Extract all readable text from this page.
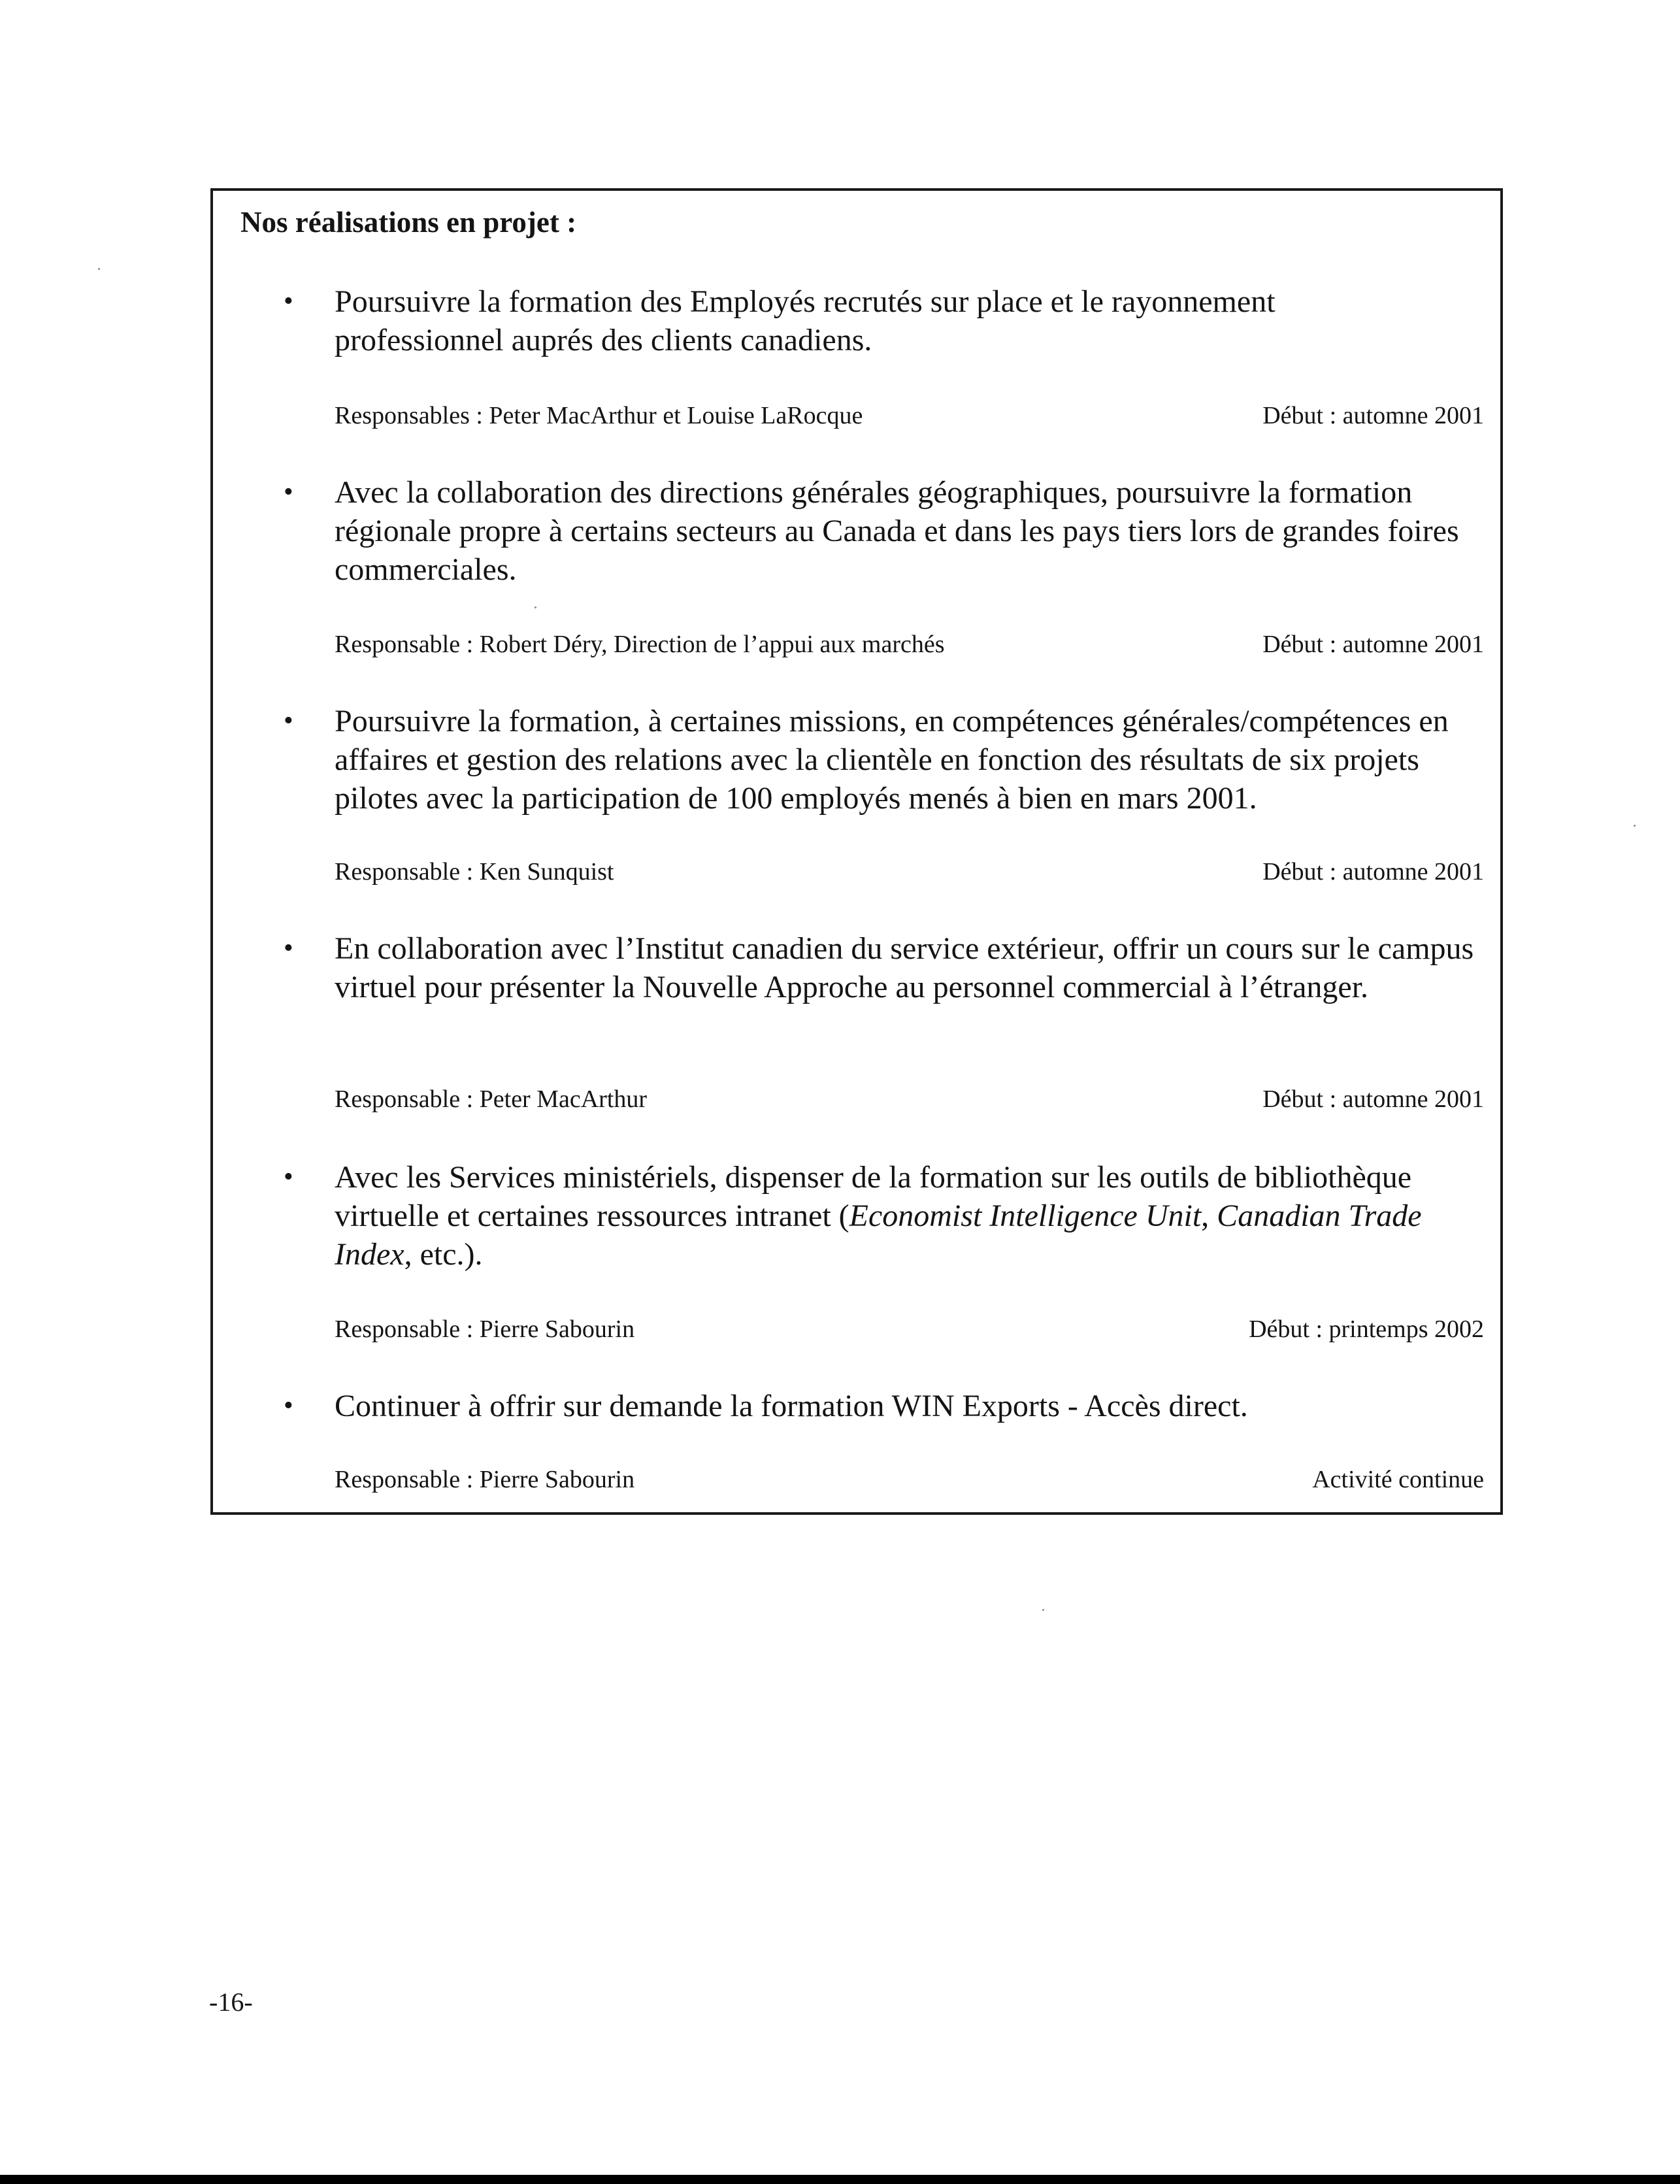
Nos réalisations en projet :
• Poursuivre la formation des Employés recrutés sur place et le rayonnement professionnel auprés des clients canadiens.

Responsables : Peter MacArthur et Louise LaRocque	Début : automne 2001
• Avec la collaboration des directions générales géographiques, poursuivre la formation régionale propre à certains secteurs au Canada et dans les pays tiers lors de grandes foires commerciales.

Responsable : Robert Déry, Direction de l’appui aux marchés	Début : automne 2001
• Poursuivre la formation, à certaines missions, en compétences générales/compétences en affaires et gestion des relations avec la clientèle en fonction des résultats de six projets pilotes avec la participation de 100 employés menés à bien en mars 2001.

Responsable : Ken Sunquist	Début : automne 2001
• En collaboration avec l’Institut canadien du service extérieur, offrir un cours sur le campus virtuel pour présenter la Nouvelle Approche au personnel commercial à l’étranger.

Responsable : Peter MacArthur	Début : automne 2001
• Avec les Services ministériels, dispenser de la formation sur les outils de bibliothèque virtuelle et certaines ressources intranet (Economist Intelligence Unit, Canadian Trade Index, etc.).

Responsable : Pierre Sabourin	Début : printemps 2002
• Continuer à offrir sur demande la formation WIN Exports - Accès direct.

Responsable : Pierre Sabourin	Activité continue
-16-
